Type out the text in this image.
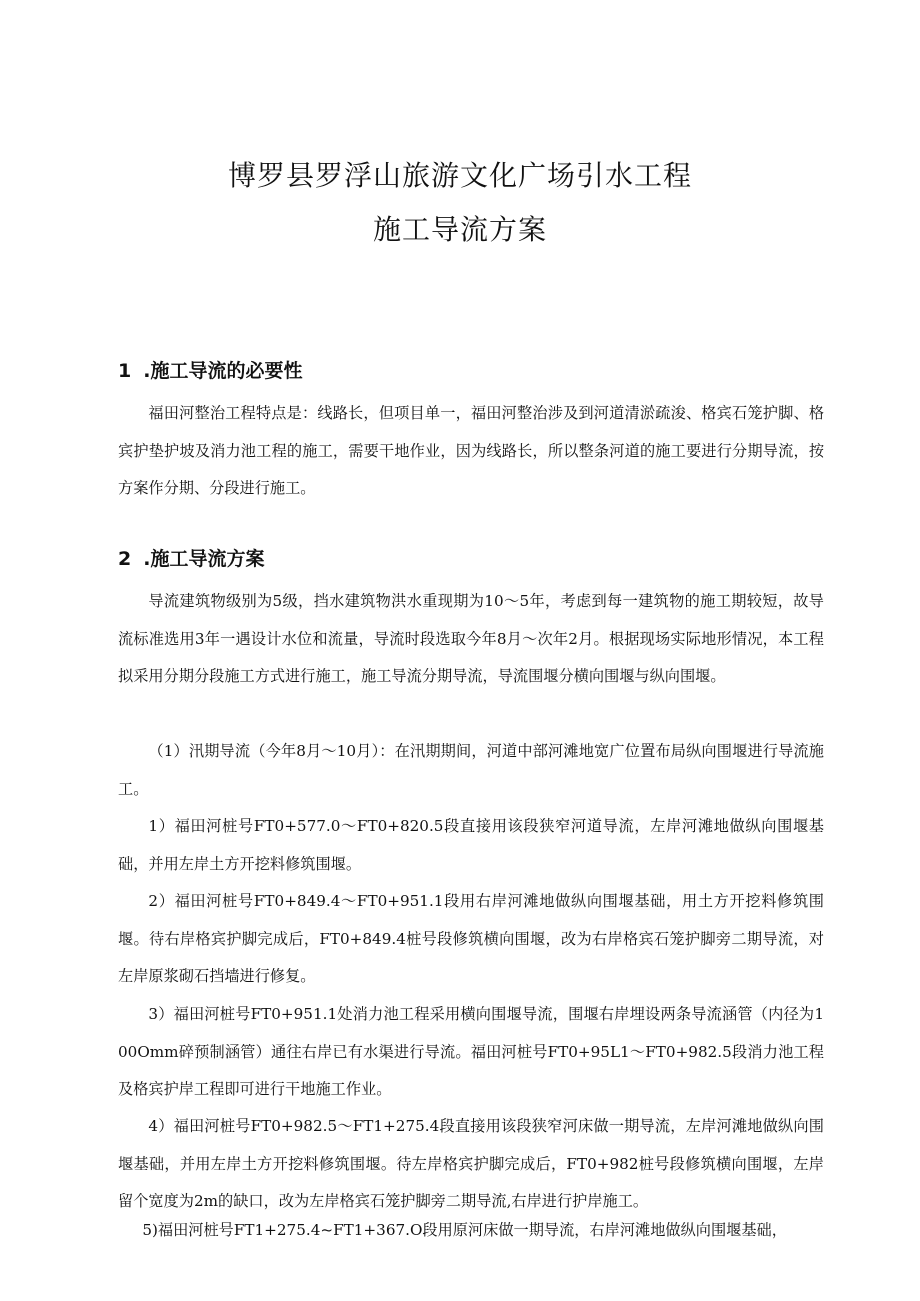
博罗县罗浮山旅游文化广场引水工程
施工导流方案
1 .施工导流的必要性

福田河整治工程特点是：线路长，但项目单一，福田河整治涉及到河道清淤疏浚、格宾石笼护脚、格宾护垫护坡及消力池工程的施工，需要干地作业，因为线路长，所以整条河道的施工要进行分期导流，按方案作分期、分段进行施工。

2 .施工导流方案

导流建筑物级别为5级，挡水建筑物洪水重现期为10～5年，考虑到每一建筑物的施工期较短，故导流标准选用3年一遇设计水位和流量，导流时段选取今年8月～次年2月。根据现场实际地形情况，本工程拟采用分期分段施工方式进行施工，施工导流分期导流，导流围堰分横向围堰与纵向围堰。

（1）汛期导流（今年8月～10月）：在汛期期间，河道中部河滩地宽广位置布局纵向围堰进行导流施工。

1）福田河桩号FT0+577.0～FT0+820.5段直接用该段狭窄河道导流，左岸河滩地做纵向围堰基础，并用左岸土方开挖料修筑围堰。

2）福田河桩号FT0+849.4～FT0+951.1段用右岸河滩地做纵向围堰基础，用土方开挖料修筑围堰。待右岸格宾护脚完成后，FT0+849.4桩号段修筑横向围堰，改为右岸格宾石笼护脚旁二期导流，对左岸原浆砌石挡墙进行修复。

3）福田河桩号FT0+951.1处消力池工程采用横向围堰导流，围堰右岸埋设两条导流涵管（内径为100Omm碎预制涵管）通往右岸已有水渠进行导流。福田河桩号FT0+95L1～FT0+982.5段消力池工程及格宾护岸工程即可进行干地施工作业。

4）福田河桩号FT0+982.5～FT1+275.4段直接用该段狭窄河床做一期导流，左岸河滩地做纵向围堰基础，并用左岸土方开挖料修筑围堰。待左岸格宾护脚完成后，FT0+982桩号段修筑横向围堰，左岸留个宽度为2m的缺口，改为左岸格宾石笼护脚旁二期导流,右岸进行护岸施工。

5)福田河桩号FT1+275.4~FT1+367.O段用原河床做一期导流，右岸河滩地做纵向围堰基础，
